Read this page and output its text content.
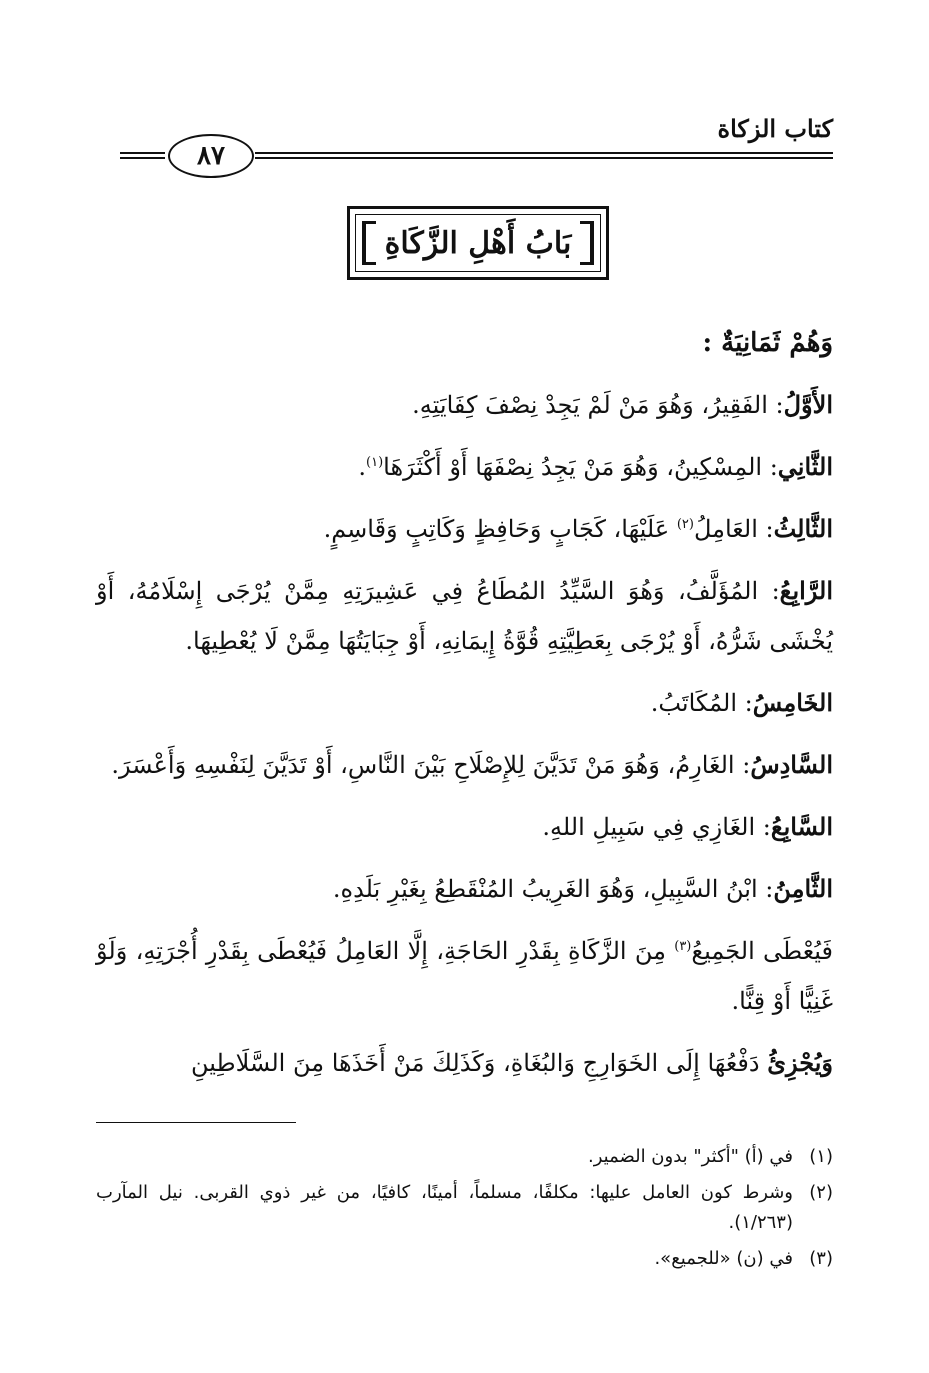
كتاب الزكاة
٨٧
بَابُ أَهْلِ الزَّكَاةِ

وَهُمْ ثَمَانِيَةٌ :

الأَوَّلُ: الفَقِيرُ، وَهُوَ مَنْ لَمْ يَجِدْ نِصْفَ كِفَايَتِهِ.

الثَّانِي: المِسْكِينُ، وَهُوَ مَنْ يَجِدُ نِصْفَهَا أَوْ أَكْثَرَهَا$^{(١)}$.

الثَّالِثُ: العَامِلُ$^{(٢)}$ عَلَيْهَا، كَجَابٍ وَحَافِظٍ وَكَاتِبٍ وَقَاسِمٍ.

الرَّابِعُ: المُؤَلَّفُ، وَهُوَ السَّيِّدُ المُطَاعُ فِي عَشِيرَتِهِ مِمَّنْ يُرْجَى إِسْلَامُهُ، أَوْ يُخْشَى شَرُّهُ، أَوْ يُرْجَى بِعَطِيَّتِهِ قُوَّةُ إِيمَانِهِ، أَوْ جِبَايَتُهَا مِمَّنْ لَا يُعْطِيهَا.

الخَامِسُ: المُكَاتَبُ.

السَّادِسُ: الغَارِمُ، وَهُوَ مَنْ تَدَيَّنَ لِلإِصْلَاحِ بَيْنَ النَّاسِ، أَوْ تَدَيَّنَ لِنَفْسِهِ وَأَعْسَرَ.

السَّابِعُ: الغَازِي فِي سَبِيلِ اللهِ.

الثَّامِنُ: ابْنُ السَّبِيلِ، وَهُوَ الغَرِيبُ المُنْقَطِعُ بِغَيْرِ بَلَدِهِ.

فَيُعْطَى الجَمِيعُ$^{(٣)}$ مِنَ الزَّكَاةِ بِقَدْرِ الحَاجَةِ، إِلَّا العَامِلُ فَيُعْطَى بِقَدْرِ أُجْرَتِهِ، وَلَوْ غَنِيًّا أَوْ قِنًّا.

وَيُجْزِئُ دَفْعُهَا إِلَى الخَوَارِجِ وَالبُغَاةِ، وَكَذَلِكَ مَنْ أَخَذَهَا مِنَ السَّلَاطِينِ

(١)
في (أ) "أكثر" بدون الضمير.
(٢)
وشرط كون العامل عليها: مكلفًا، مسلماً، أمينًا، كافيًا، من غير ذوي القربى. نيل المآرب (١/٢٦٣).
(٣)
في (ن) «للجميع».
